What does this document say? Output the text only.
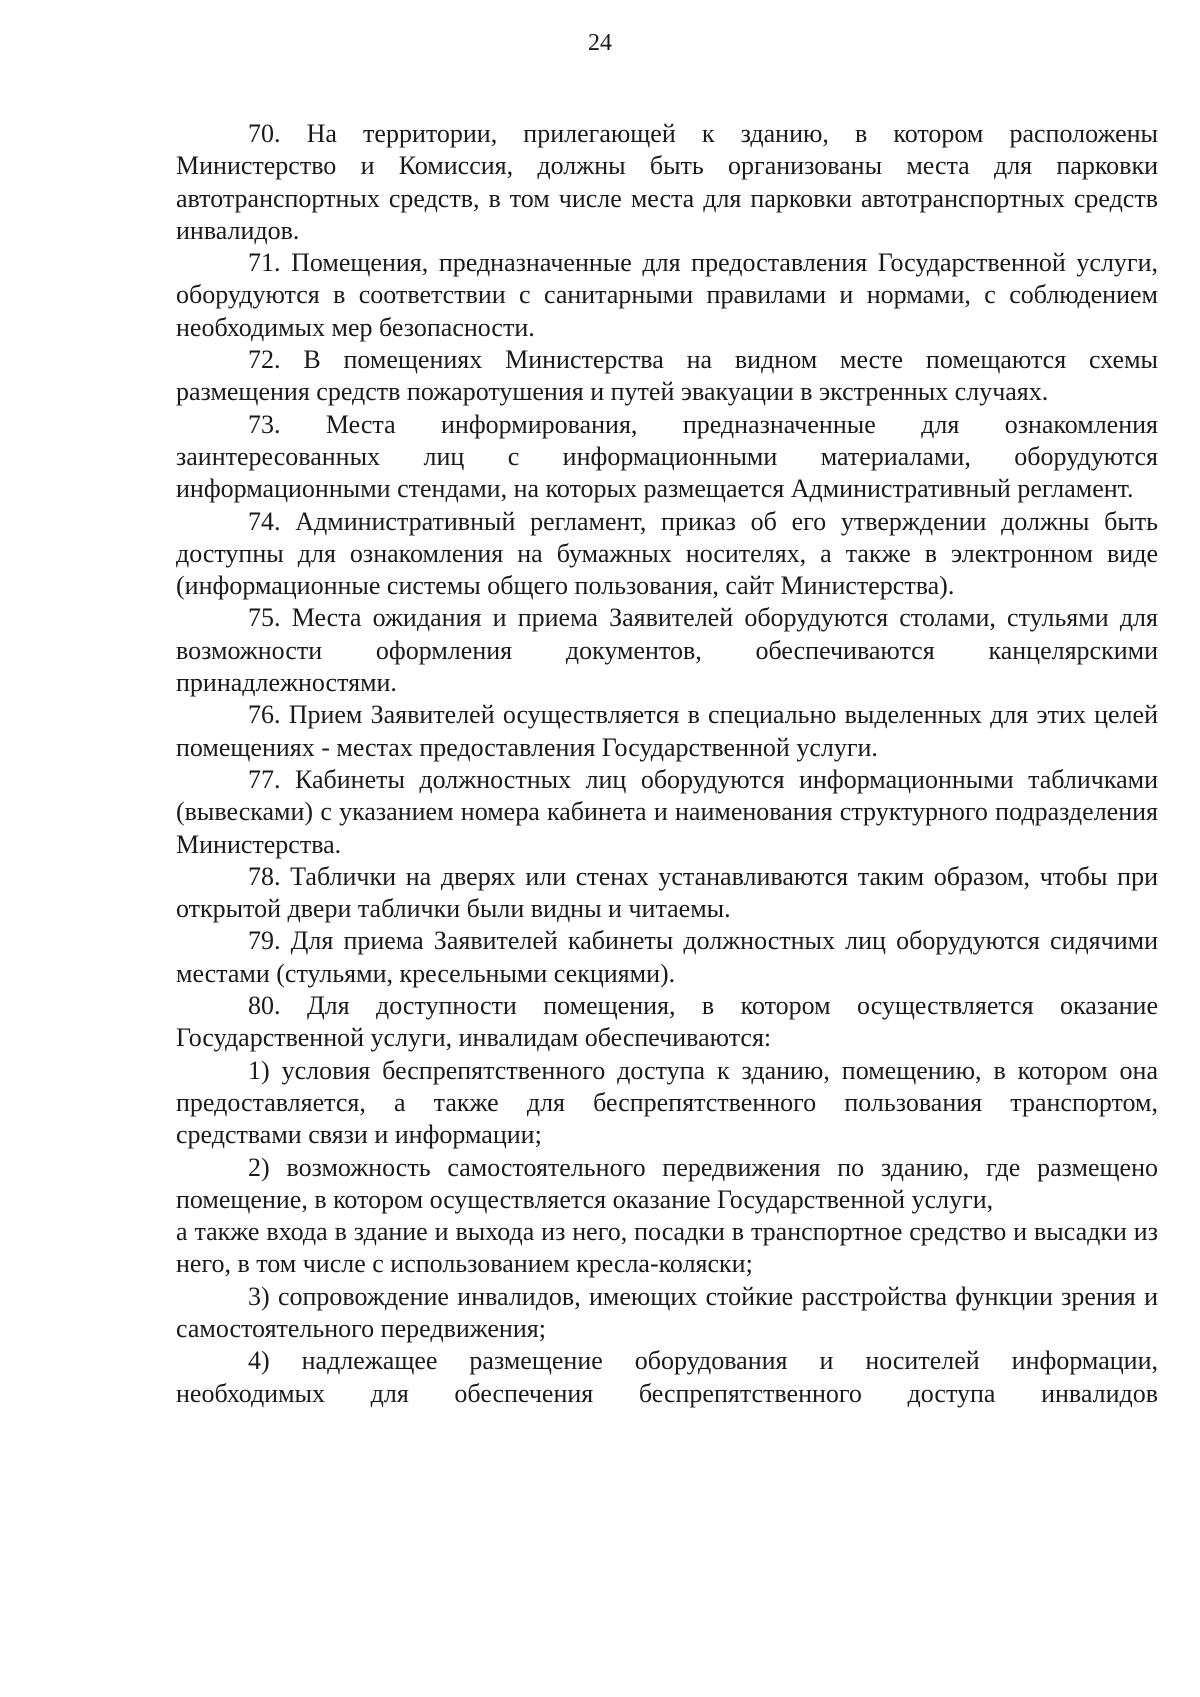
24

70. На территории, прилегающей к зданию, в котором расположены Министерство и Комиссия, должны быть организованы места для парковки автотранспортных средств, в том числе места для парковки автотранспортных средств инвалидов.

71. Помещения, предназначенные для предоставления Государственной услуги, оборудуются в соответствии с санитарными правилами и нормами, с соблюдением необходимых мер безопасности.

72. В помещениях Министерства на видном месте помещаются схемы размещения средств пожаротушения и путей эвакуации в экстренных случаях.

73. Места информирования, предназначенные для ознакомления заинтересованных лиц с информационными материалами, оборудуются информационными стендами, на которых размещается Административный регламент.

74. Административный регламент, приказ об его утверждении должны быть доступны для ознакомления на бумажных носителях, а также в электронном виде (информационные системы общего пользования, сайт Министерства).

75. Места ожидания и приема Заявителей оборудуются столами, стульями для возможности оформления документов, обеспечиваются канцелярскими принадлежностями.

76. Прием Заявителей осуществляется в специально выделенных для этих целей помещениях - местах предоставления Государственной услуги.

77. Кабинеты должностных лиц оборудуются информационными табличками (вывесками) с указанием номера кабинета и наименования структурного подразделения Министерства.

78. Таблички на дверях или стенах устанавливаются таким образом, чтобы при открытой двери таблички были видны и читаемы.

79. Для приема Заявителей кабинеты должностных лиц оборудуются сидячими местами (стульями, кресельными секциями).

80. Для доступности помещения, в котором осуществляется оказание Государственной услуги, инвалидам обеспечиваются:

1) условия беспрепятственного доступа к зданию, помещению, в котором она предоставляется, а также для беспрепятственного пользования транспортом, средствами связи и информации;

2) возможность самостоятельного передвижения по зданию, где размещено помещение, в котором осуществляется оказание Государственной услуги,

а также входа в здание и выхода из него, посадки в транспортное средство и высадки из него, в том числе с использованием кресла-коляски;

3) сопровождение инвалидов, имеющих стойкие расстройства функции зрения и самостоятельного передвижения;

4) надлежащее размещение оборудования и носителей информации, необходимых для обеспечения беспрепятственного доступа инвалидов
